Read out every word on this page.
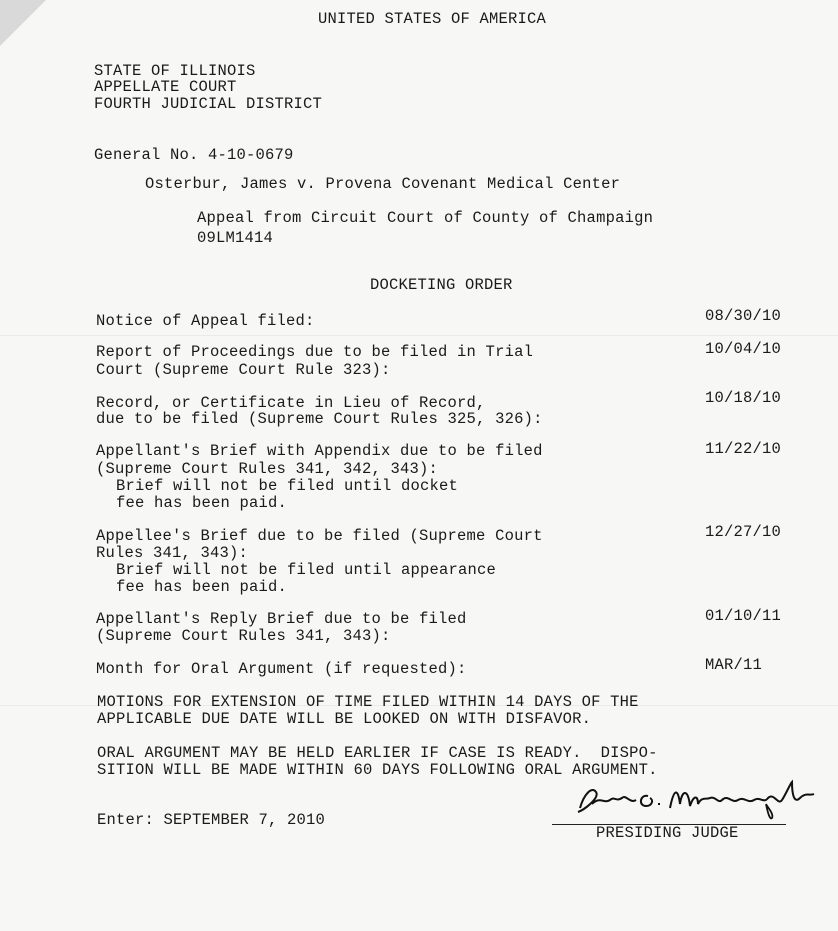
UNITED STATES OF AMERICA
STATE OF ILLINOIS
APPELLATE COURT
FOURTH JUDICIAL DISTRICT
General No. 4-10-0679
Osterbur, James v. Provena Covenant Medical Center
Appeal from Circuit Court of County of Champaign
09LM1414
DOCKETING ORDER
Notice of Appeal filed:	08/30/10
Report of Proceedings due to be filed in Trial
Court (Supreme Court Rule 323):
10/04/10
Record, or Certificate in Lieu of Record,
due to be filed (Supreme Court Rules 325, 326):
10/18/10
Appellant's Brief with Appendix due to be filed
(Supreme Court Rules 341, 342, 343):
Brief will not be filed until docket
fee has been paid.
11/22/10
Appellee's Brief due to be filed (Supreme Court
Rules 341, 343):
Brief will not be filed until appearance
fee has been paid.
12/27/10
Appellant's Reply Brief due to be filed
(Supreme Court Rules 341, 343):
01/10/11
Month for Oral Argument (if requested):	MAR/11
MOTIONS FOR EXTENSION OF TIME FILED WITHIN 14 DAYS OF THE
APPLICABLE DUE DATE WILL BE LOOKED ON WITH DISFAVOR.
ORAL ARGUMENT MAY BE HELD EARLIER IF CASE IS READY.  DISPO-
SITION WILL BE MADE WITHIN 60 DAYS FOLLOWING ORAL ARGUMENT.
Enter: SEPTEMBER 7, 2010
PRESIDING JUDGE
